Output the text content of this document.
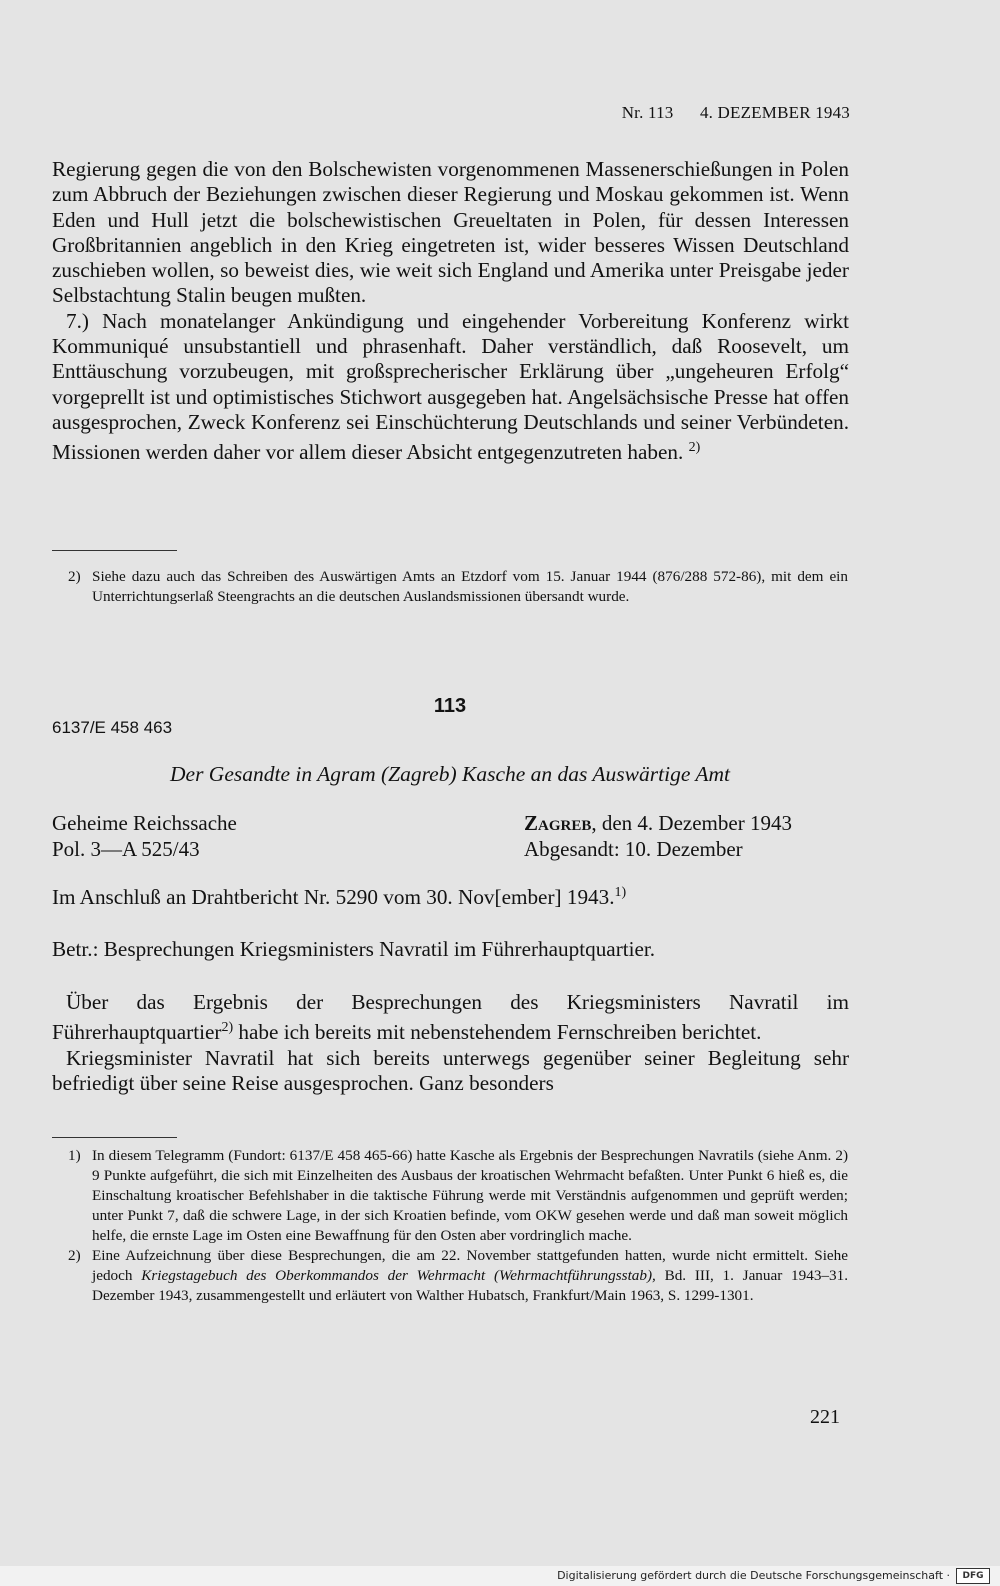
Nr. 113 4. DEZEMBER 1943

Regierung gegen die von den Bolschewisten vorgenommenen Massenerschießungen in Polen zum Abbruch der Beziehungen zwischen dieser Regierung und Moskau gekommen ist. Wenn Eden und Hull jetzt die bolschewistischen Greueltaten in Polen, für dessen Interessen Großbritannien angeblich in den Krieg eingetreten ist, wider besseres Wissen Deutschland zuschieben wollen, so beweist dies, wie weit sich England und Amerika unter Preisgabe jeder Selbstachtung Stalin beugen mußten.

7.) Nach monatelanger Ankündigung und eingehender Vorbereitung Konferenz wirkt Kommuniqué unsubstantiell und phrasenhaft. Daher verständlich, daß Roosevelt, um Enttäuschung vorzubeugen, mit großsprecherischer Erklärung über „ungeheuren Erfolg“ vorgeprellt ist und optimistisches Stichwort ausgegeben hat. Angelsächsische Presse hat offen ausgesprochen, Zweck Konferenz sei Einschüchterung Deutschlands und seiner Verbündeten. Missionen werden daher vor allem dieser Absicht entgegenzutreten haben. $^{2)}$

2) Siehe dazu auch das Schreiben des Auswärtigen Amts an Etzdorf vom 15. Januar 1944 (876/288 572-86), mit dem ein Unterrichtungserlaß Steengrachts an die deutschen Auslandsmissionen übersandt wurde.

113
6137/E 458 463
Der Gesandte in Agram (Zagreb) Kasche an das Auswärtige Amt
Geheime Reichssache
Pol. 3—A 525/43
Zagreb, den 4. Dezember 1943
Abgesandt: 10. Dezember
Im Anschluß an Drahtbericht Nr. 5290 vom 30. Nov[ember] 1943.$^{1)}$
Betr.: Besprechungen Kriegsministers Navratil im Führerhauptquartier.

Über das Ergebnis der Besprechungen des Kriegsministers Navratil im Führerhauptquartier$^{2)}$ habe ich bereits mit nebenstehendem Fernschreiben berichtet.

Kriegsminister Navratil hat sich bereits unterwegs gegenüber seiner Begleitung sehr befriedigt über seine Reise ausgesprochen. Ganz besonders

1) In diesem Telegramm (Fundort: 6137/E 458 465-66) hatte Kasche als Ergebnis der Besprechungen Navratils (siehe Anm. 2) 9 Punkte aufgeführt, die sich mit Einzelheiten des Ausbaus der kroatischen Wehrmacht befaßten. Unter Punkt 6 hieß es, die Einschaltung kroatischer Befehlshaber in die taktische Führung werde mit Verständnis aufgenommen und geprüft werden; unter Punkt 7, daß die schwere Lage, in der sich Kroatien befinde, vom OKW gesehen werde und daß man soweit möglich helfe, die ernste Lage im Osten eine Bewaffnung für den Osten aber vordringlich mache.

2) Eine Aufzeichnung über diese Besprechungen, die am 22. November stattgefunden hatten, wurde nicht ermittelt. Siehe jedoch Kriegstagebuch des Oberkommandos der Wehrmacht (Wehrmachtführungsstab), Bd. III, 1. Januar 1943–31. Dezember 1943, zusammengestellt und erläutert von Walther Hubatsch, Frankfurt/Main 1963, S. 1299-1301.

221
Digitalisierung gefördert durch die Deutsche Forschungsgemeinschaft ·	DFG
